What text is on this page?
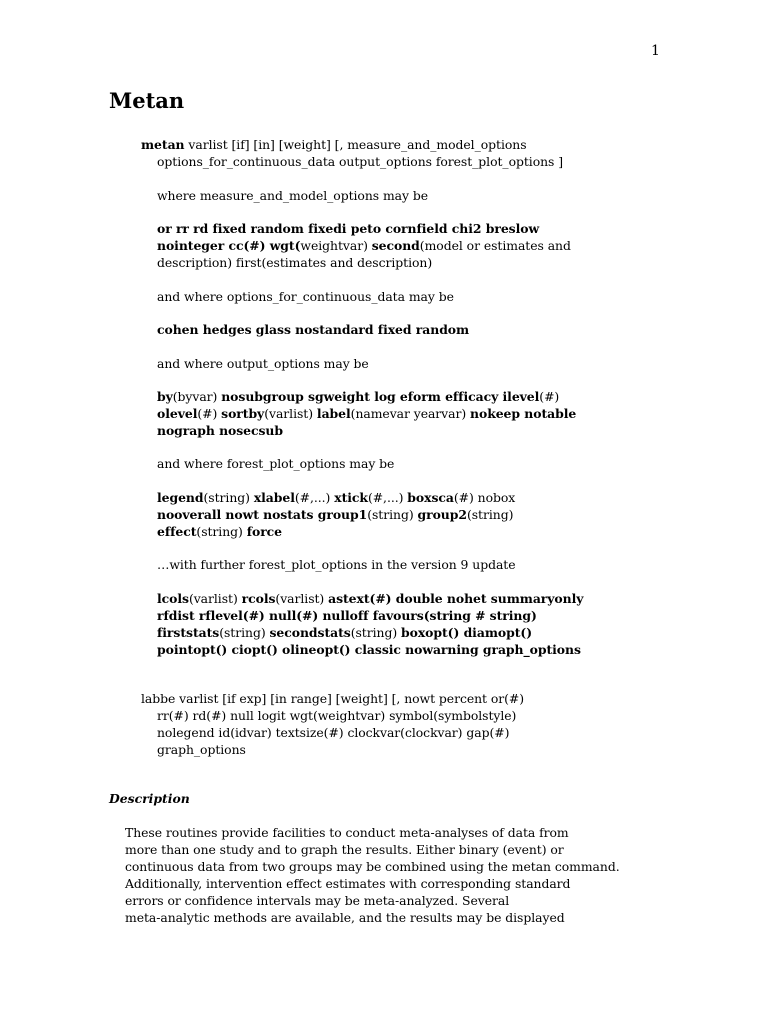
1
Metan
metan varlist [if] [in] [weight] [, measure_and_model_options
options_for_continuous_data output_options forest_plot_options ]
where measure_and_model_options may be
or rr rd fixed random fixedi peto cornfield chi2 breslow
nointeger cc(#) wgt(weightvar) second(model or estimates and
description) first(estimates and description)
and where options_for_continuous_data may be
cohen hedges glass nostandard fixed random
and where output_options may be
by(byvar) nosubgroup sgweight log eform efficacy ilevel(#)
olevel(#) sortby(varlist) label(namevar yearvar) nokeep notable
nograph nosecsub
and where forest_plot_options may be
legend(string) xlabel(#,...) xtick(#,...) boxsca(#) nobox
nooverall nowt nostats group1(string) group2(string)
effect(string) force
…with further forest_plot_options in the version 9 update
lcols(varlist) rcols(varlist) astext(#) double nohet summaryonly
rfdist rflevel(#) null(#) nulloff favours(string # string)
firststats(string) secondstats(string) boxopt() diamopt()
pointopt() ciopt() olineopt() classic nowarning graph_options
labbe varlist [if exp] [in range] [weight] [, nowt percent or(#)
rr(#) rd(#) null logit wgt(weightvar) symbol(symbolstyle)
nolegend id(idvar) textsize(#) clockvar(clockvar) gap(#)
graph_options
Description
These routines provide facilities to conduct meta-analyses of data from
more than one study and to graph the results. Either binary (event) or
continuous data from two groups may be combined using the metan command.
Additionally, intervention effect estimates with corresponding standard
errors or confidence intervals may be meta-analyzed. Several
meta-analytic methods are available, and the results may be displayed
